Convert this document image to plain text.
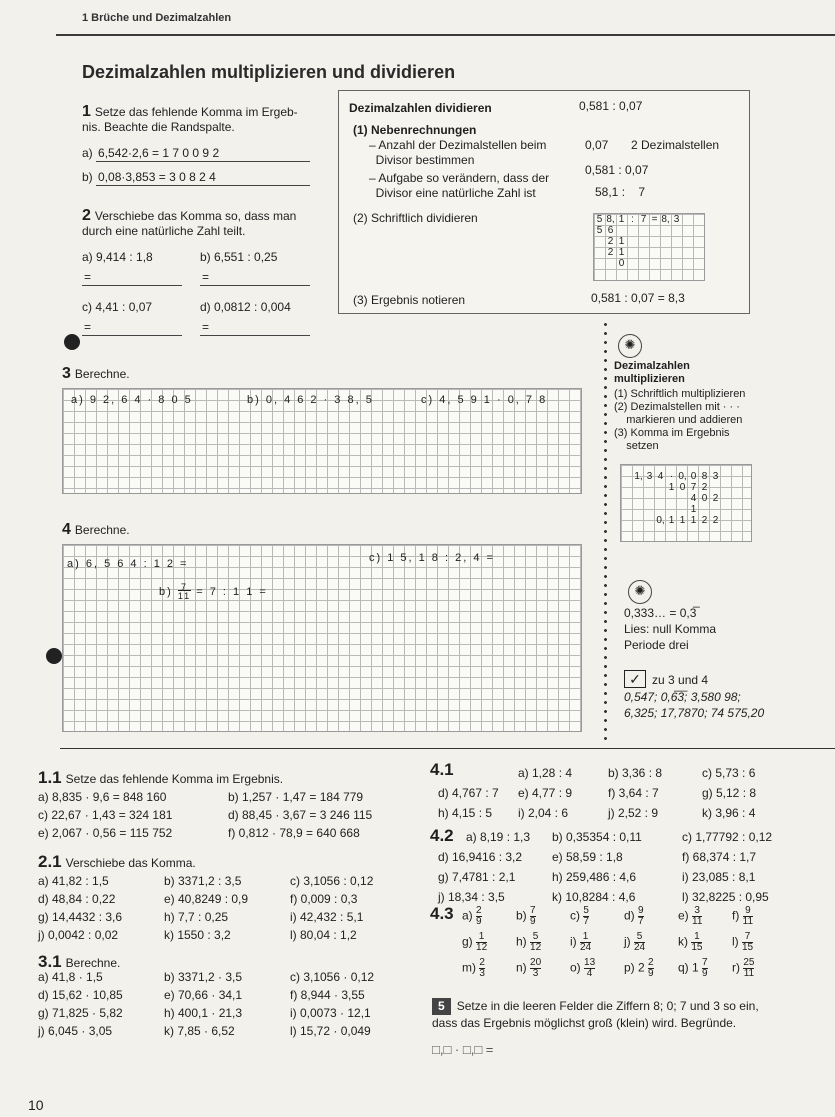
1 Brüche und Dezimalzahlen
Dezimalzahlen multiplizieren und dividieren
1 Setze das fehlende Komma im Ergeb-
nis. Beachte die Randspalte.
a) 6,542·2,6 = 1 7 0 0 9 2
b) 0,08·3,853 = 3 0 8 2 4
2 Verschiebe das Komma so, dass man
durch eine natürliche Zahl teilt.
a) 9,414 : 1,8	b) 6,551 : 0,25
=	=
c) 4,41 : 0,07	d) 0,0812 : 0,004
=	=
Dezimalzahlen dividieren	0,581 : 0,07
(1) Nebenrechnungen
– Anzahl der Dezimalstellen beim
Divisor bestimmen
– Aufgabe so verändern, dass der
Divisor eine natürliche Zahl ist
0,07 2 Dezimalstellen
0,581 : 0,07
58,1 : 7
(2) Schriftlich dividieren	5 8, 1 : 7 = 8, 3
5 6
2 1
2 1
0
(3) Ergebnis notieren	0,581 : 0,07 = 8,3
3 Berechne.
a) 9 2, 6 4 · 8 0 5	b) 0, 4 6 2 · 3 8, 5	c) 4, 5 9 1 · 0, 7 8
4 Berechne.
a) 6, 5 6 4 : 1 2 =
$b) \frac{7}{11} = 7$ : 1 1 =
c) 1 5, 1 8 : 2, 4 =
✺
Dezimalzahlen
multiplizieren
(1) Schriftlich multiplizieren
(2) Dezimalstellen mit · · ·
markieren und addieren
(3) Komma im Ergebnis
setzen
1, 3 4 · 0, 0 8 3
1 0 7 2
4 0 2
1
0, 1 1 1 2 2
✺
0,333… = 0,3̅
Lies: null Komma
Periode drei
✓ zu 3 und 4
0,547; 0,6̅3̅; 3,580 98;
6,325; 17,7870; 74 575,20
1.1 Setze das fehlende Komma im Ergebnis.
a) 8,835 · 9,6 = 848 160	b) 1,257 · 1,47 = 184 779
c) 22,67 · 1,43 = 324 181	d) 88,45 · 3,67 = 3 246 115
e) 2,067 · 0,56 = 115 752	f) 0,812 · 78,9 = 640 668
2.1 Verschiebe das Komma.
a) 41,82 : 1,5	b) 3371,2 : 3,5	c) 3,1056 : 0,12
d) 48,84 : 0,22	e) 40,8249 : 0,9	f) 0,009 : 0,3
g) 14,4432 : 3,6	h) 7,7 : 0,25	i) 42,432 : 5,1
j) 0,0042 : 0,02	k) 1550 : 3,2	l) 80,04 : 1,2
3.1 Berechne.
a) 41,8 · 1,5	b) 3371,2 · 3,5	c) 3,1056 · 0,12
d) 15,62 · 10,85	e) 70,66 · 34,1	f) 8,944 · 3,55
g) 71,825 · 5,82	h) 400,1 · 21,3	i) 0,0073 · 12,1
j) 6,045 · 3,05	k) 7,85 · 6,52	l) 15,72 · 0,049
4.1	a) 1,28 : 4	b) 3,36 : 8	c) 5,73 : 6
d) 4,767 : 7 e) 4,77 : 9	f) 3,64 : 7	g) 5,12 : 8
h) 4,15 : 5 i) 2,04 : 6	j) 2,52 : 9	k) 3,96 : 4
4.2	a) 8,19 : 1,3 b) 0,35354 : 0,11	c) 1,77792 : 0,12
d) 16,9416 : 3,2 e) 58,59 : 1,8	f) 68,374 : 1,7
g) 7,4781 : 2,1	h) 259,486 : 4,6	i) 23,085 : 8,1
j) 18,34 : 3,5	k) 10,8284 : 4,6	l) 32,8225 : 0,95
4.3 $a) \frac{2}{9}$	$b) \frac{7}{9}$	$c) \frac{5}{7}$	$d) \frac{9}{7}$	$e) \frac{3}{11} f) \frac{9}{11}$
$g) \frac{1}{12} h) \frac{5}{12} i) \frac{1}{24}$	$j) \frac{5}{24}$	$k) \frac{1}{15} l) \frac{7}{15}$
$m) \frac{2}{3}$	$n) \frac{20}{3} o) \frac{13}{4} p$) $2 \frac{2}{9} q$) $1 \frac{7}{9} r) \frac{25}{11}$
5 Setze in die leeren Felder die Ziffern 8; 0; 7 und 3 so ein,
dass das Ergebnis möglichst groß (klein) wird. Begründe.
□,□ · □,□ =
10
